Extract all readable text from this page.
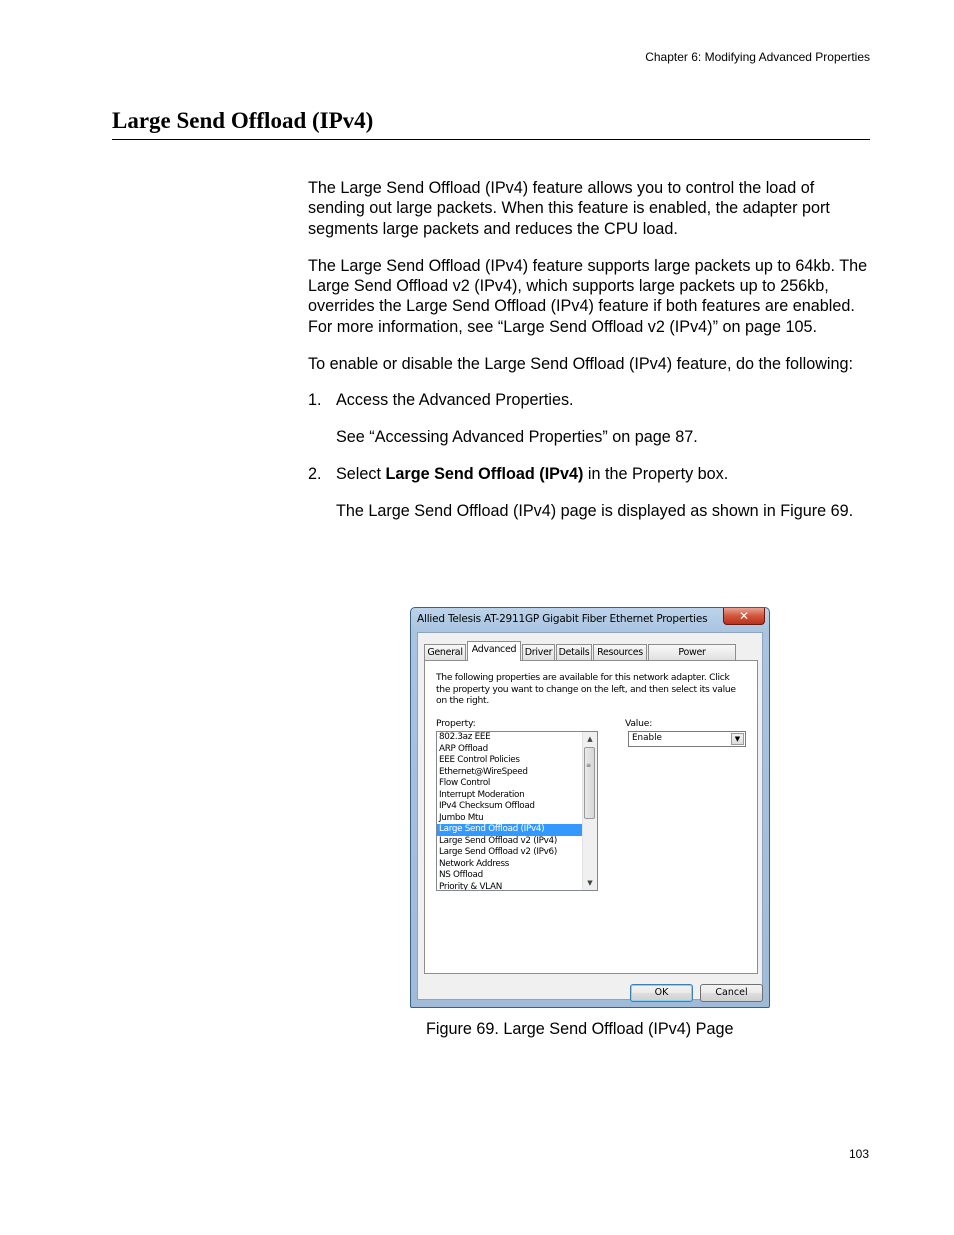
Chapter 6: Modifying Advanced Properties
Large Send Offload (IPv4)

The Large Send Offload (IPv4) feature allows you to control the load of sending out large packets. When this feature is enabled, the adapter port segments large packets and reduces the CPU load.

The Large Send Offload (IPv4) feature supports large packets up to 64kb. The Large Send Offload v2 (IPv4), which supports large packets up to 256kb, overrides the Large Send Offload (IPv4) feature if both features are enabled. For more information, see “Large Send Offload v2 (IPv4)” on page 105.

To enable or disable the Large Send Offload (IPv4) feature, do the following:

1. Access the Advanced Properties.

See “Accessing Advanced Properties” on page 87.

2. Select Large Send Offload (IPv4) in the Property box.

The Large Send Offload (IPv4) page is displayed as shown in Figure 69.

Allied Telesis AT-2911GP Gigabit Fiber Ethernet Properties	✕
General Advanced Driver Details Resources	Power
The following properties are available for this network adapter. Click the property you want to change on the left, and then select its value on the right.
Property:	Value:
802.3az EEE
ARP Offload
EEE Control Policies
Ethernet@WireSpeed
Flow Control
Interrupt Moderation
IPv4 Checksum Offload
Jumbo Mtu
Large Send Offload (IPv4)
Large Send Offload v2 (IPv4)
Large Send Offload v2 (IPv6)
Network Address
NS Offload
Priority & VLAN
▲
≡
▼
Enable	▼
OK	Cancel
Figure 69. Large Send Offload (IPv4) Page
103
